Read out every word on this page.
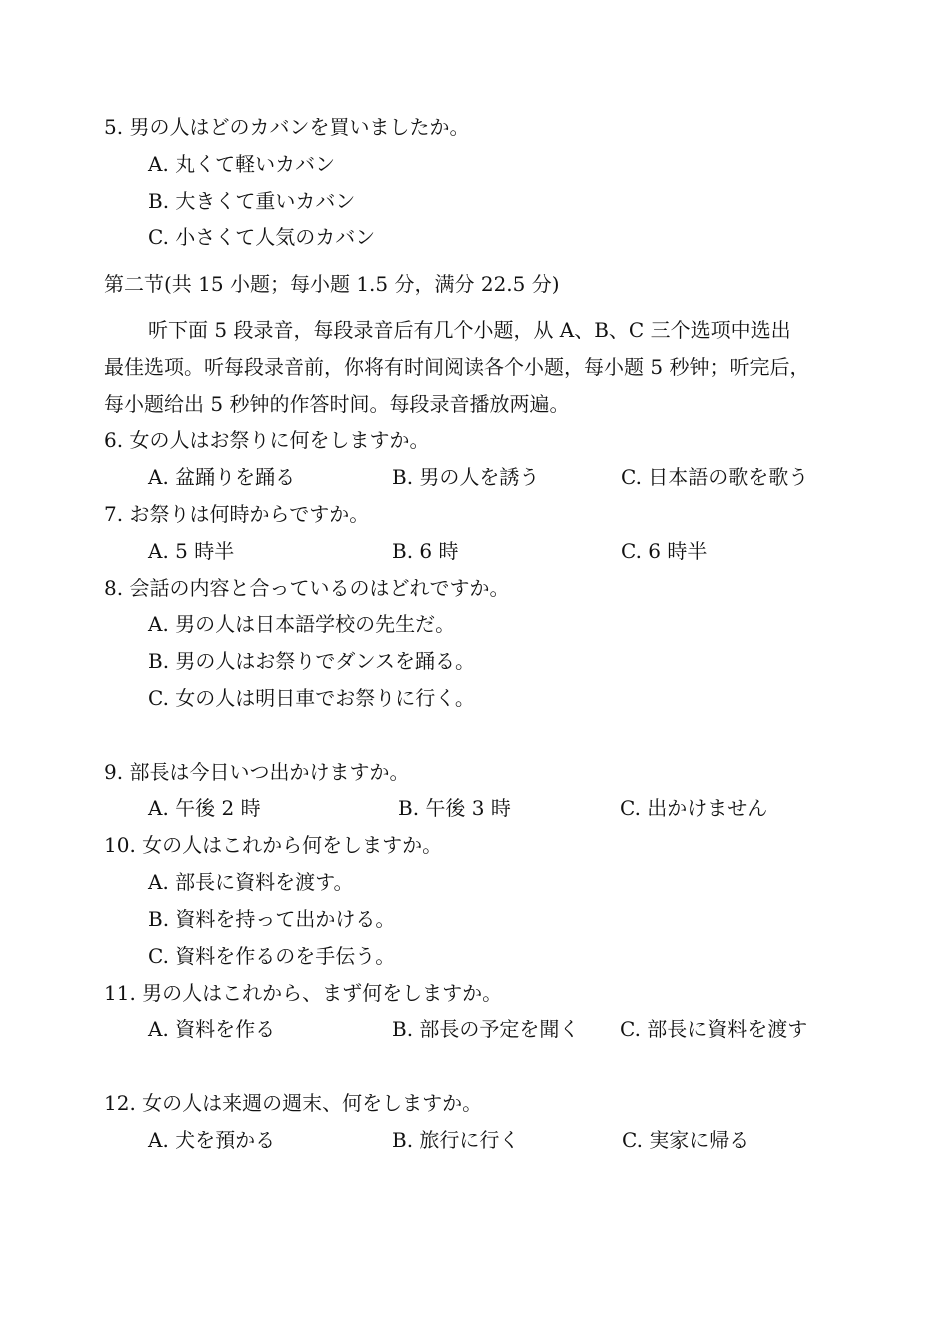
5. 男の人はどのカバンを買いましたか。
A. 丸くて軽いカバン
B. 大きくて重いカバン
C. 小さくて人気のカバン
第二节(共 15 小题；每小题 1.5 分，满分 22.5 分)
听下面 5 段录音，每段录音后有几个小题，从 A、B、C 三个选项中选出
最佳选项。听每段录音前，你将有时间阅读各个小题，每小题 5 秒钟；听完后，
每小题给出 5 秒钟的作答时间。每段录音播放两遍。
6. 女の人はお祭りに何をしますか。
A. 盆踊りを踊る	B. 男の人を誘う	C. 日本語の歌を歌う
7. お祭りは何時からですか。
A. 5 時半	B. 6 時	C. 6 時半
8. 会話の内容と合っているのはどれですか。
A. 男の人は日本語学校の先生だ。
B. 男の人はお祭りでダンスを踊る。
C. 女の人は明日車でお祭りに行く。
9. 部長は今日いつ出かけますか。
A. 午後 2 時	B. 午後 3 時	C. 出かけません
10. 女の人はこれから何をしますか。
A. 部長に資料を渡す。
B. 資料を持って出かける。
C. 資料を作るのを手伝う。
11. 男の人はこれから、まず何をしますか。
A. 資料を作る	B. 部長の予定を聞く C. 部長に資料を渡す
12. 女の人は来週の週末、何をしますか。
A. 犬を預かる	B. 旅行に行く	C. 実家に帰る
